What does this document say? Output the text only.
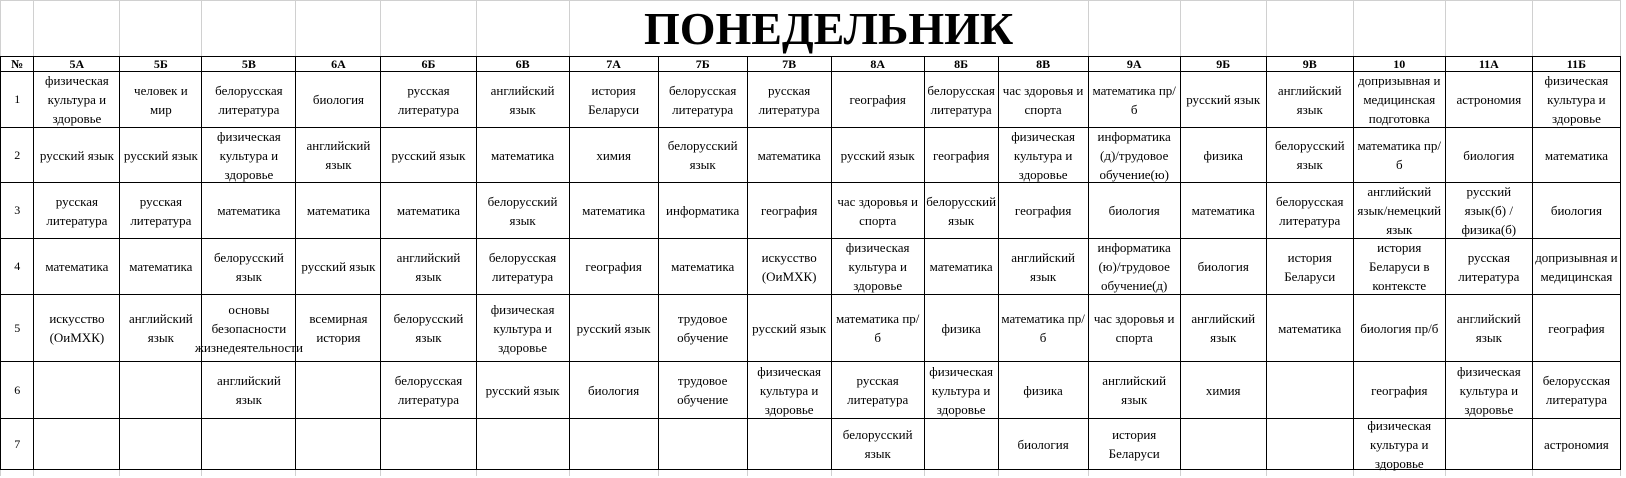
							ПОНЕДЕЛЬНИК											
№	5А	5Б	5В	6А	6Б	6В	7А	7Б	7В	8А	8Б	8В	9А	9Б	9В	10	11А	11Б
1	физическая культура и здоровье	человек и мир	белорусская литература	биология	русская литература	английский язык	история Беларуси	белорусская литература	русская литература	география	белорусская литература	час здоровья и спорта	математика пр/б	русский язык	английский язык	допризывная и медицинская подготовка	астрономия	физическая культура и здоровье

2	русский язык	русский язык	физическая культура и здоровье	английский язык	русский язык	математика	химия	белорусский язык	математика	русский язык	география	физическая культура и здоровье	информатика (д)/трудовое обучение(ю)	физика	белорусский язык	математика пр/б	биология	математика

3	русская литература	русская литература	математика	математика	математика	белорусский язык	математика	информатика	география	час здоровья и спорта	белорусский язык	география	биология	математика	белорусская литература	английский язык/немецкий язык	русский язык(б) /физика(б)	биология

4	математика	математика	белорусский язык	русский язык	английский язык	белорусская литература	география	математика	искусство (ОиМХК)	физическая культура и здоровье	математика	английский язык	информатика (ю)/трудовое обучение(д)	биология	история Беларуси	история Беларуси в контексте	русская литература	допризывная и медицинская

5	искусство (ОиМХК)	английский язык	основы безопасности жизнедеятельности	всемирная история	белорусский язык	физическая культура и здоровье	русский язык	трудовое обучение	русский язык	математика пр/б	физика	математика пр/б	час здоровья и спорта	английский язык	математика	биология пр/б	английский язык	география

6			английский язык		белорусская литература	русский язык	биология	трудовое обучение	физическая культура и здоровье	русская литература	физическая культура и здоровье	физика	английский язык	химия		география	физическая культура и здоровье	белорусская литература

7										белорусский язык		биология	история Беларуси			физическая культура и здоровье		астрономия
